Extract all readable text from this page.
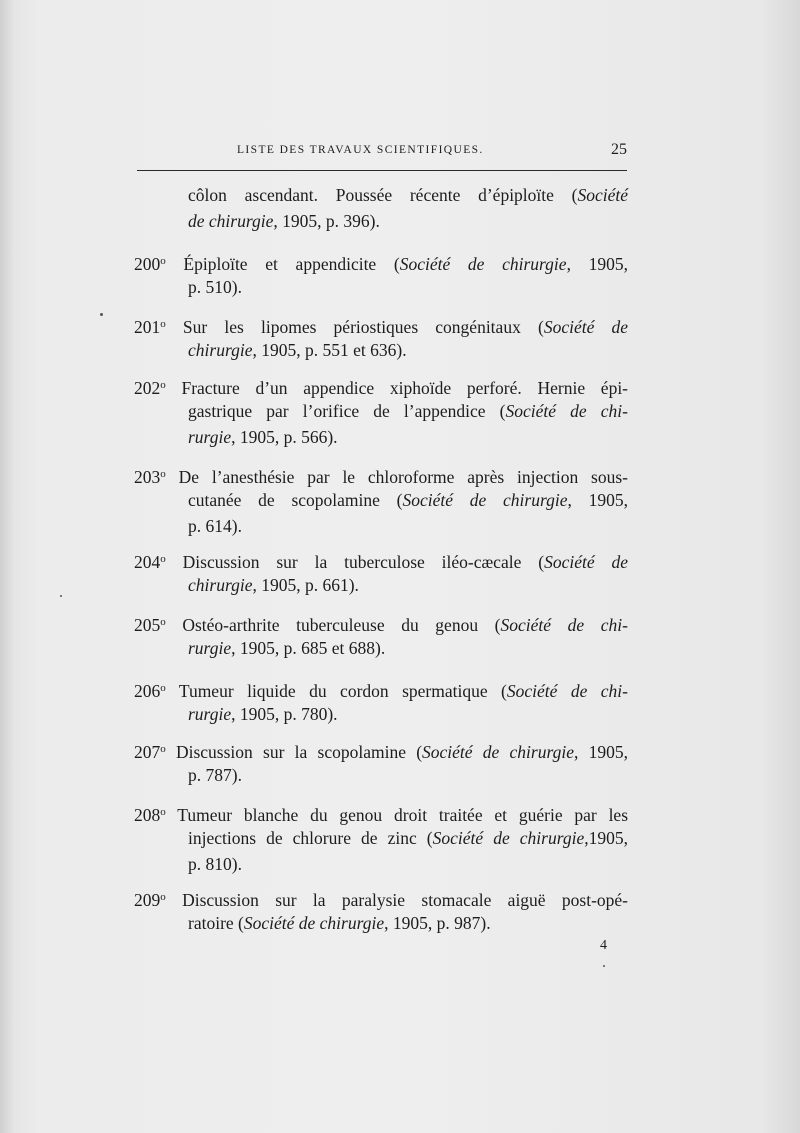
LISTE DES TRAVAUX SCIENTIFIQUES.	25
côlon ascendant. Poussée récente d’épiploïte (Société
de chirurgie, 1905, p. 396).
200$^o$ Épiploïte et appendicite (Société de chirurgie, 1905,
p. 510).
201$^o$ Sur les lipomes périostiques congénitaux (Société de
chirurgie, 1905, p. 551 et 636).
202$^o$ Fracture d’un appendice xiphoïde perforé. Hernie épi-
gastrique par l’orifice de l’appendice (Société de chi-
rurgie, 1905, p. 566).
203$^o$ De l’anesthésie par le chloroforme après injection sous-
cutanée de scopolamine (Société de chirurgie, 1905,
p. 614).
204$^o$ Discussion sur la tuberculose iléo-cæcale (Société de
chirurgie, 1905, p. 661).
205$^o$ Ostéo-arthrite tuberculeuse du genou (Société de chi-
rurgie, 1905, p. 685 et 688).
206$^o$ Tumeur liquide du cordon spermatique (Société de chi-
rurgie, 1905, p. 780).
207$^o$ Discussion sur la scopolamine (Société de chirurgie, 1905,
p. 787).
208$^o$ Tumeur blanche du genou droit traitée et guérie par les
injections de chlorure de zinc (Société de chirurgie,1905,
p. 810).
209$^o$ Discussion sur la paralysie stomacale aiguë post-opé-
ratoire (Société de chirurgie, 1905, p. 987).
4
